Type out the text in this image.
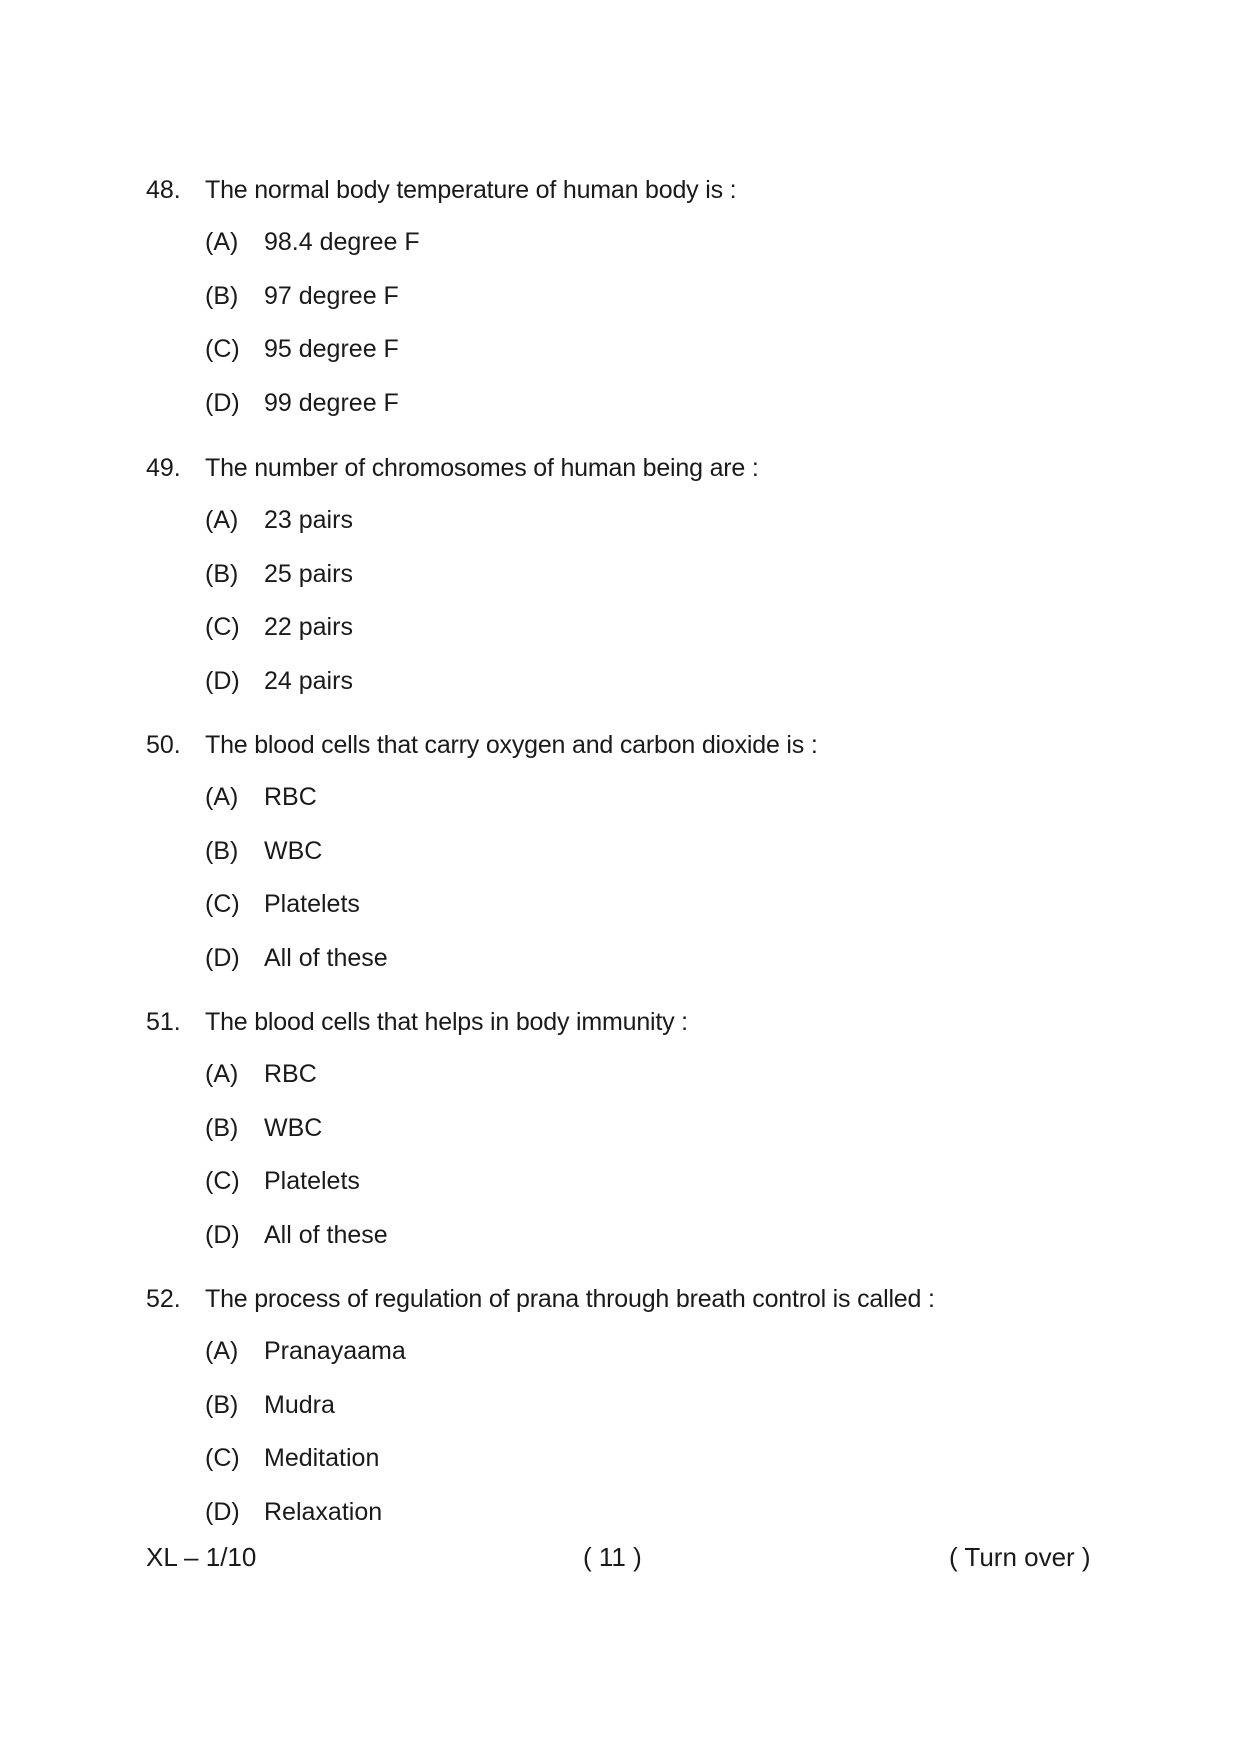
48. The normal body temperature of human body is :
(A) 98.4 degree F
(B) 97 degree F
(C) 95 degree F
(D) 99 degree F
49. The number of chromosomes of human being are :
(A) 23 pairs
(B) 25 pairs
(C) 22 pairs
(D) 24 pairs
50. The blood cells that carry oxygen and carbon dioxide is :
(A) RBC
(B) WBC
(C) Platelets
(D) All of these
51. The blood cells that helps in body immunity :
(A) RBC
(B) WBC
(C) Platelets
(D) All of these
52. The process of regulation of prana through breath control is called :
(A) Pranayaama
(B) Mudra
(C) Meditation
(D) Relaxation
XL – 1/10	( 11 )	( Turn over )
